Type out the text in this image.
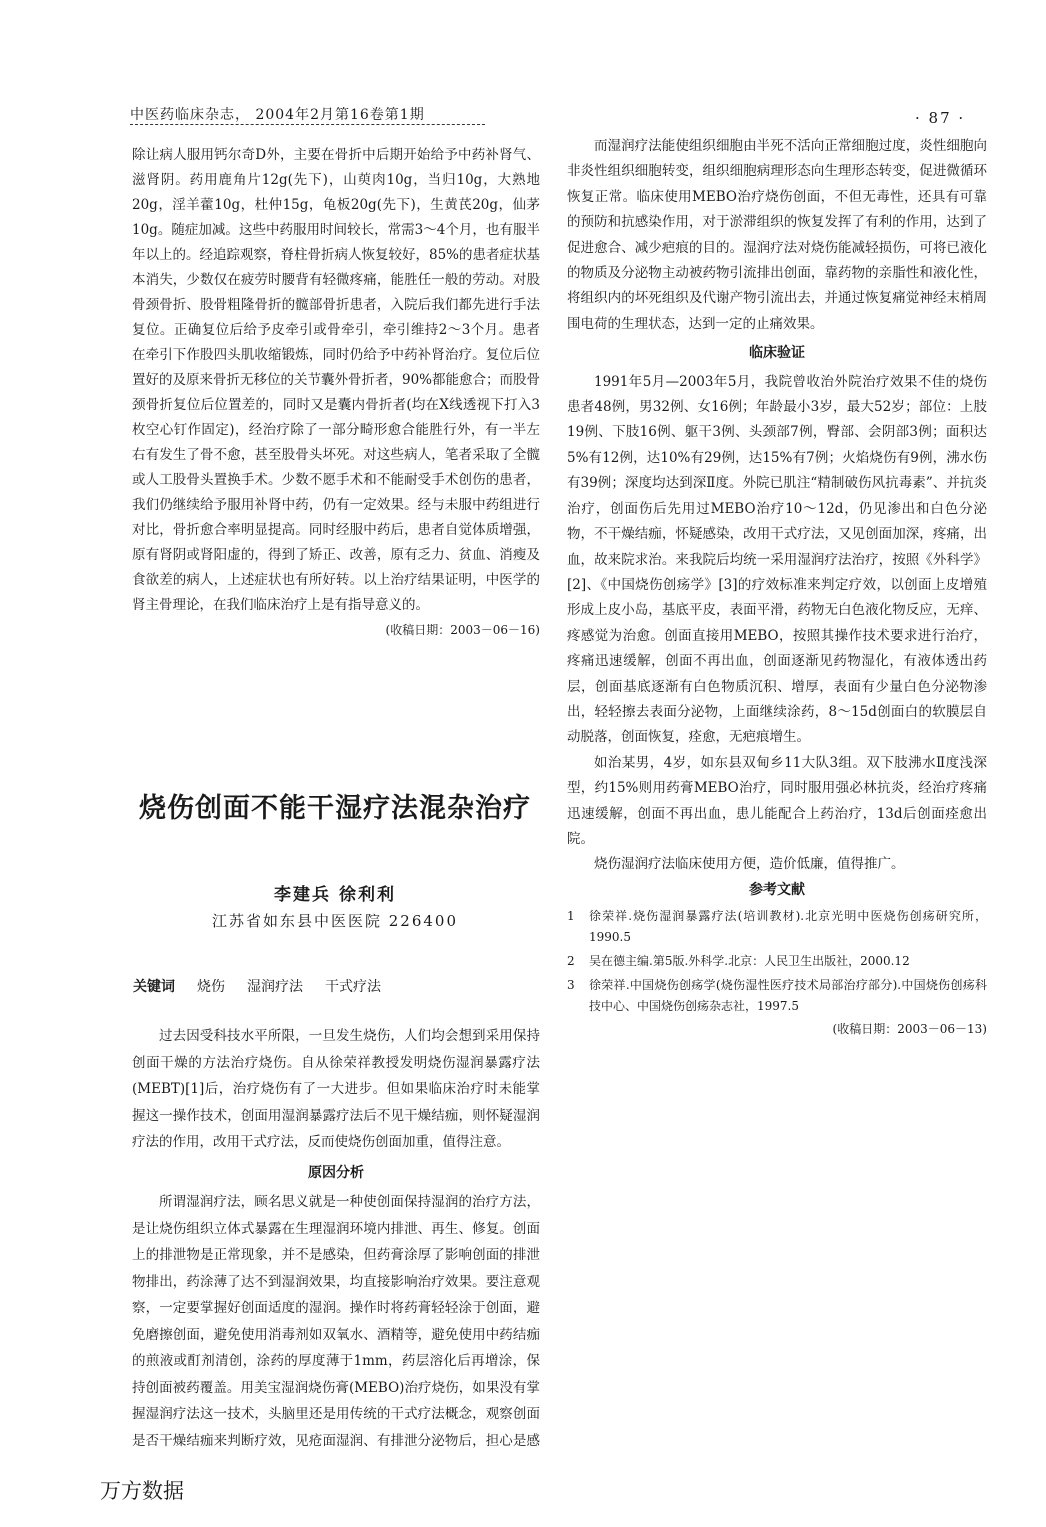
中医药临床杂志， 2004年2月第16卷第1期	· 87 ·

除让病人服用钙尔奇D外，主要在骨折中后期开始给予中药补肾气、滋肾阴。药用鹿角片12g(先下)，山萸肉10g，当归10g，大熟地20g，淫羊藿10g，杜仲15g，龟板20g(先下)，生黄芪20g，仙茅10g。随症加减。这些中药服用时间较长，常需3～4个月，也有服半年以上的。经追踪观察，脊柱骨折病人恢复较好，85%的患者症状基本消失，少数仅在疲劳时腰背有轻微疼痛，能胜任一般的劳动。对股骨颈骨折、股骨粗隆骨折的髋部骨折患者，入院后我们都先进行手法复位。正确复位后给予皮牵引或骨牵引，牵引维持2～3个月。患者在牵引下作股四头肌收缩锻炼，同时仍给予中药补肾治疗。复位后位置好的及原来骨折无移位的关节囊外骨折者，90%都能愈合；而股骨颈骨折复位后位置差的，同时又是囊内骨折者(均在X线透视下打入3枚空心钉作固定)，经治疗除了一部分畸形愈合能胜行外，有一半左右有发生了骨不愈，甚至股骨头坏死。对这些病人，笔者采取了全髋或人工股骨头置换手术。少数不愿手术和不能耐受手术创伤的患者，我们仍继续给予服用补肾中药，仍有一定效果。经与未服中药组进行对比，骨折愈合率明显提高。同时经服中药后，患者自觉体质增强，原有肾阴或肾阳虚的，得到了矫正、改善，原有乏力、贫血、消瘦及食欲差的病人，上述症状也有所好转。以上治疗结果证明，中医学的肾主骨理论，在我们临床治疗上是有指导意义的。

(收稿日期：2003－06－16)

烧伤创面不能干湿疗法混杂治疗
李建兵 徐利利
江苏省如东县中医医院 226400
关键词 烧伤 湿润疗法 干式疗法

过去因受科技水平所限，一旦发生烧伤，人们均会想到采用保持创面干燥的方法治疗烧伤。自从徐荣祥教授发明烧伤湿润暴露疗法(MEBT)[1]后，治疗烧伤有了一大进步。但如果临床治疗时未能掌握这一操作技术，创面用湿润暴露疗法后不见干燥结痂，则怀疑湿润疗法的作用，改用干式疗法，反而使烧伤创面加重，值得注意。

原因分析

所谓湿润疗法，顾名思义就是一种使创面保持湿润的治疗方法，是让烧伤组织立体式暴露在生理湿润环境内排泄、再生、修复。创面上的排泄物是正常现象，并不是感染，但药膏涂厚了影响创面的排泄物排出，药涂薄了达不到湿润效果，均直接影响治疗效果。要注意观察，一定要掌握好创面适度的湿润。操作时将药膏轻轻涂于创面，避免磨擦创面，避免使用消毒剂如双氧水、酒精等，避免使用中药结痂的煎液或酊剂清创，涂药的厚度薄于1mm，药层溶化后再增涂，保持创面被药覆盖。用美宝湿润烧伤膏(MEBO)治疗烧伤，如果没有掌握湿润疗法这一技术，头脑里还是用传统的干式疗法概念，观察创面是否干燥结痂来判断疗效，见疮面湿润、有排泄分泌物后，担心是感

而湿润疗法能使组织细胞由半死不活向正常细胞过度，炎性细胞向非炎性组织细胞转变，组织细胞病理形态向生理形态转变，促进微循环恢复正常。临床使用MEBO治疗烧伤创面，不但无毒性，还具有可靠的预防和抗感染作用，对于淤滞组织的恢复发挥了有利的作用，达到了促进愈合、减少疤痕的目的。湿润疗法对烧伤能减轻损伤，可将已液化的物质及分泌物主动被药物引流排出创面，靠药物的亲脂性和液化性，将组织内的坏死组织及代谢产物引流出去，并通过恢复痛觉神经末梢周围电荷的生理状态，达到一定的止痛效果。

临床验证

1991年5月—2003年5月，我院曾收治外院治疗效果不佳的烧伤患者48例，男32例、女16例；年龄最小3岁，最大52岁；部位：上肢19例、下肢16例、躯干3例、头颈部7例，臀部、会阴部3例；面积达5%有12例，达10%有29例，达15%有7例；火焰烧伤有9例，沸水伤有39例；深度均达到深Ⅱ度。外院已肌注“精制破伤风抗毒素”、并抗炎治疗，创面伤后先用过MEBO治疗10～12d，仍见渗出和白色分泌物，不干燥结痂，怀疑感染，改用干式疗法，又见创面加深，疼痛，出血，故来院求治。来我院后均统一采用湿润疗法治疗，按照《外科学》[2]、《中国烧伤创疡学》[3]的疗效标准来判定疗效，以创面上皮增殖形成上皮小岛，基底平皮，表面平滑，药物无白色液化物反应，无痒、疼感觉为治愈。创面直接用MEBO，按照其操作技术要求进行治疗，疼痛迅速缓解，创面不再出血，创面逐渐见药物湿化，有液体透出药层，创面基底逐渐有白色物质沉积、增厚，表面有少量白色分泌物渗出，轻轻擦去表面分泌物，上面继续涂药，8～15d创面白的软膜层自动脱落，创面恢复，痊愈，无疤痕增生。

如治某男，4岁，如东县双甸乡11大队3组。双下肢沸水Ⅱ度浅深型，约15%则用药膏MEBO治疗，同时服用强必林抗炎，经治疗疼痛迅速缓解，创面不再出血，患儿能配合上药治疗，13d后创面痊愈出院。

烧伤湿润疗法临床使用方便，造价低廉，值得推广。

参考文献
1	徐荣祥.烧伤湿润暴露疗法(培训教材).北京光明中医烧伤创疡研究所，1990.5
2	吴在德主编.第5版.外科学.北京：人民卫生出版社，2000.12
3	徐荣祥.中国烧伤创疡学(烧伤湿性医疗技术局部治疗部分).中国烧伤创疡科技中心、中国烧伤创疡杂志社，1997.5

(收稿日期：2003－06－13)

万方数据
